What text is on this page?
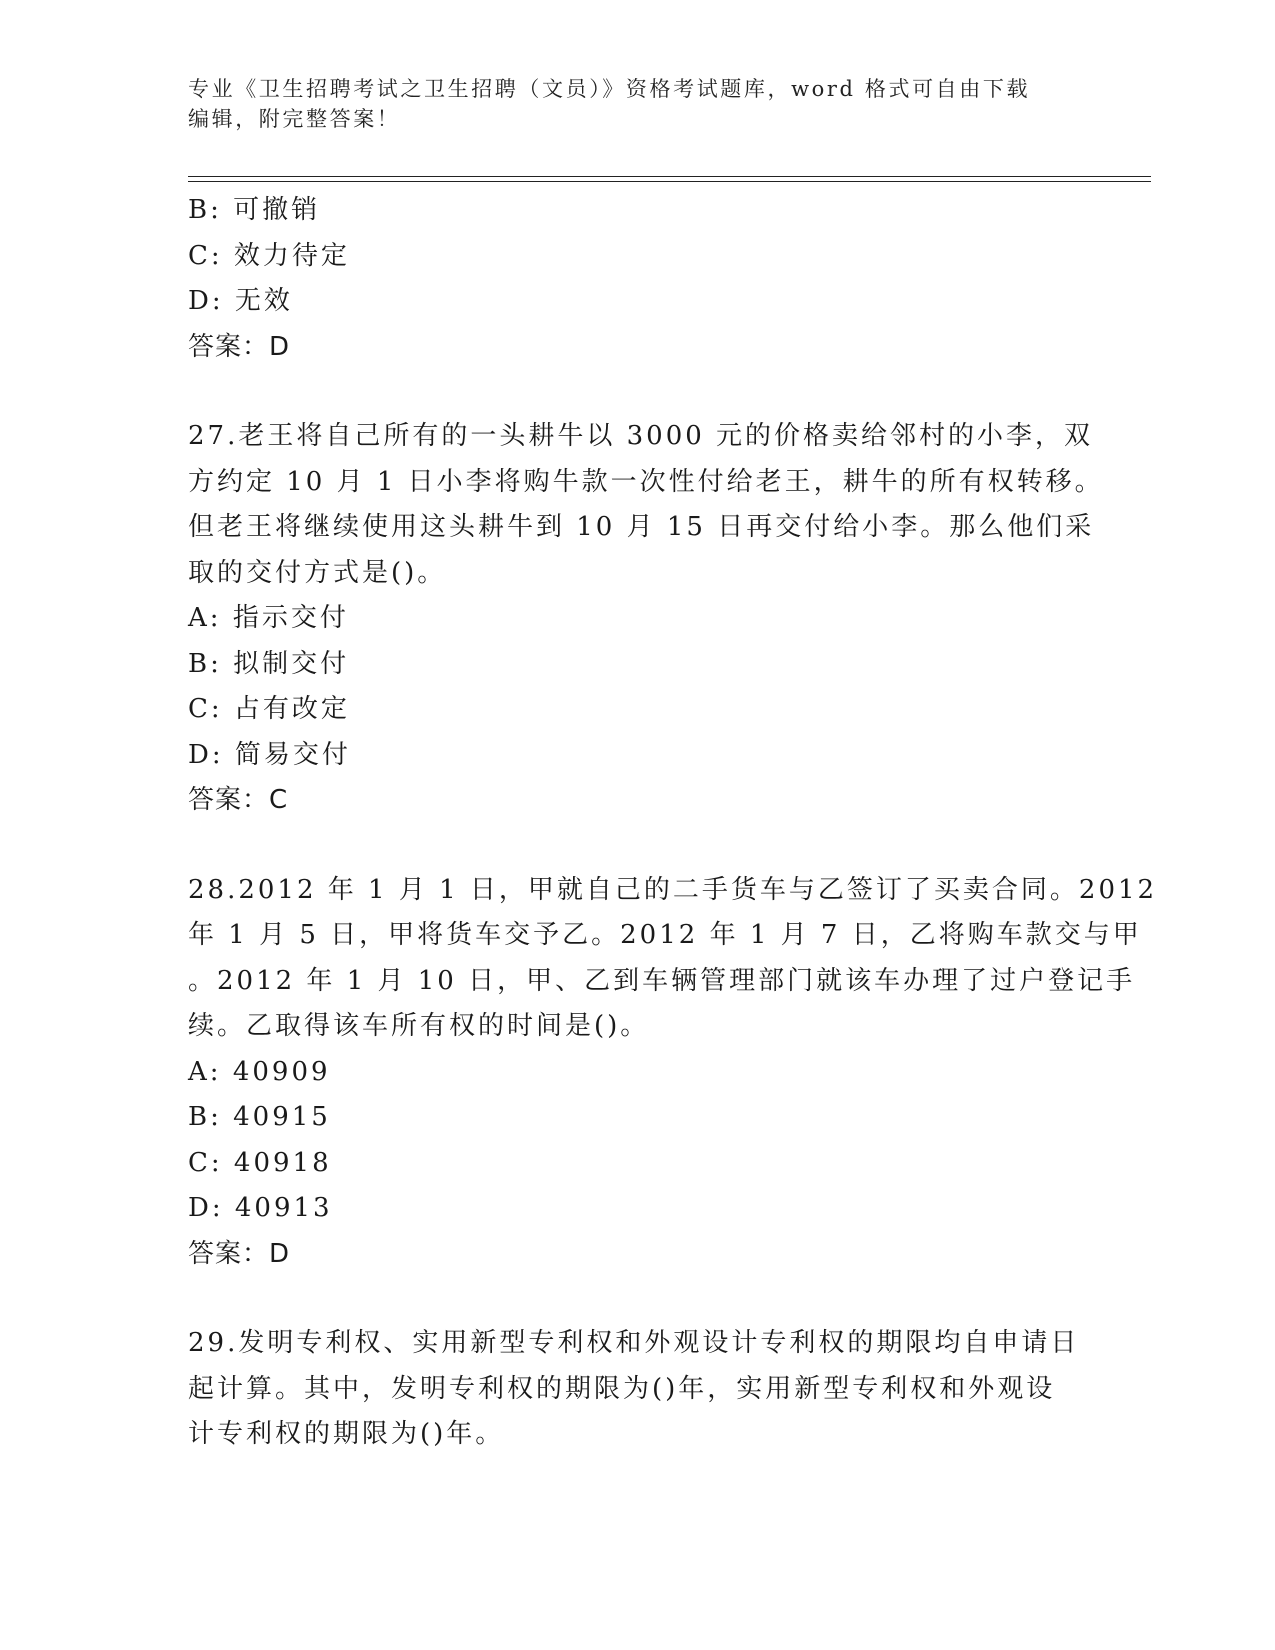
专业《卫生招聘考试之卫生招聘（文员）》资格考试题库，word 格式可自由下载
编辑，附完整答案！
B: 可撤销
C: 效力待定
D: 无效
答案：D
27.老王将自己所有的一头耕牛以 3000 元的价格卖给邻村的小李，双
方约定 10 月 1 日小李将购牛款一次性付给老王，耕牛的所有权转移。
但老王将继续使用这头耕牛到 10 月 15 日再交付给小李。那么他们采
取的交付方式是()。
A: 指示交付
B: 拟制交付
C: 占有改定
D: 简易交付
答案：C
28.2012 年 1 月 1 日，甲就自己的二手货车与乙签订了买卖合同。2012
年 1 月 5 日，甲将货车交予乙。2012 年 1 月 7 日，乙将购车款交与甲
。2012 年 1 月 10 日，甲、乙到车辆管理部门就该车办理了过户登记手
续。乙取得该车所有权的时间是()。
A: 40909
B: 40915
C: 40918
D: 40913
答案：D
29.发明专利权、实用新型专利权和外观设计专利权的期限均自申请日
起计算。其中，发明专利权的期限为()年，实用新型专利权和外观设
计专利权的期限为()年。
